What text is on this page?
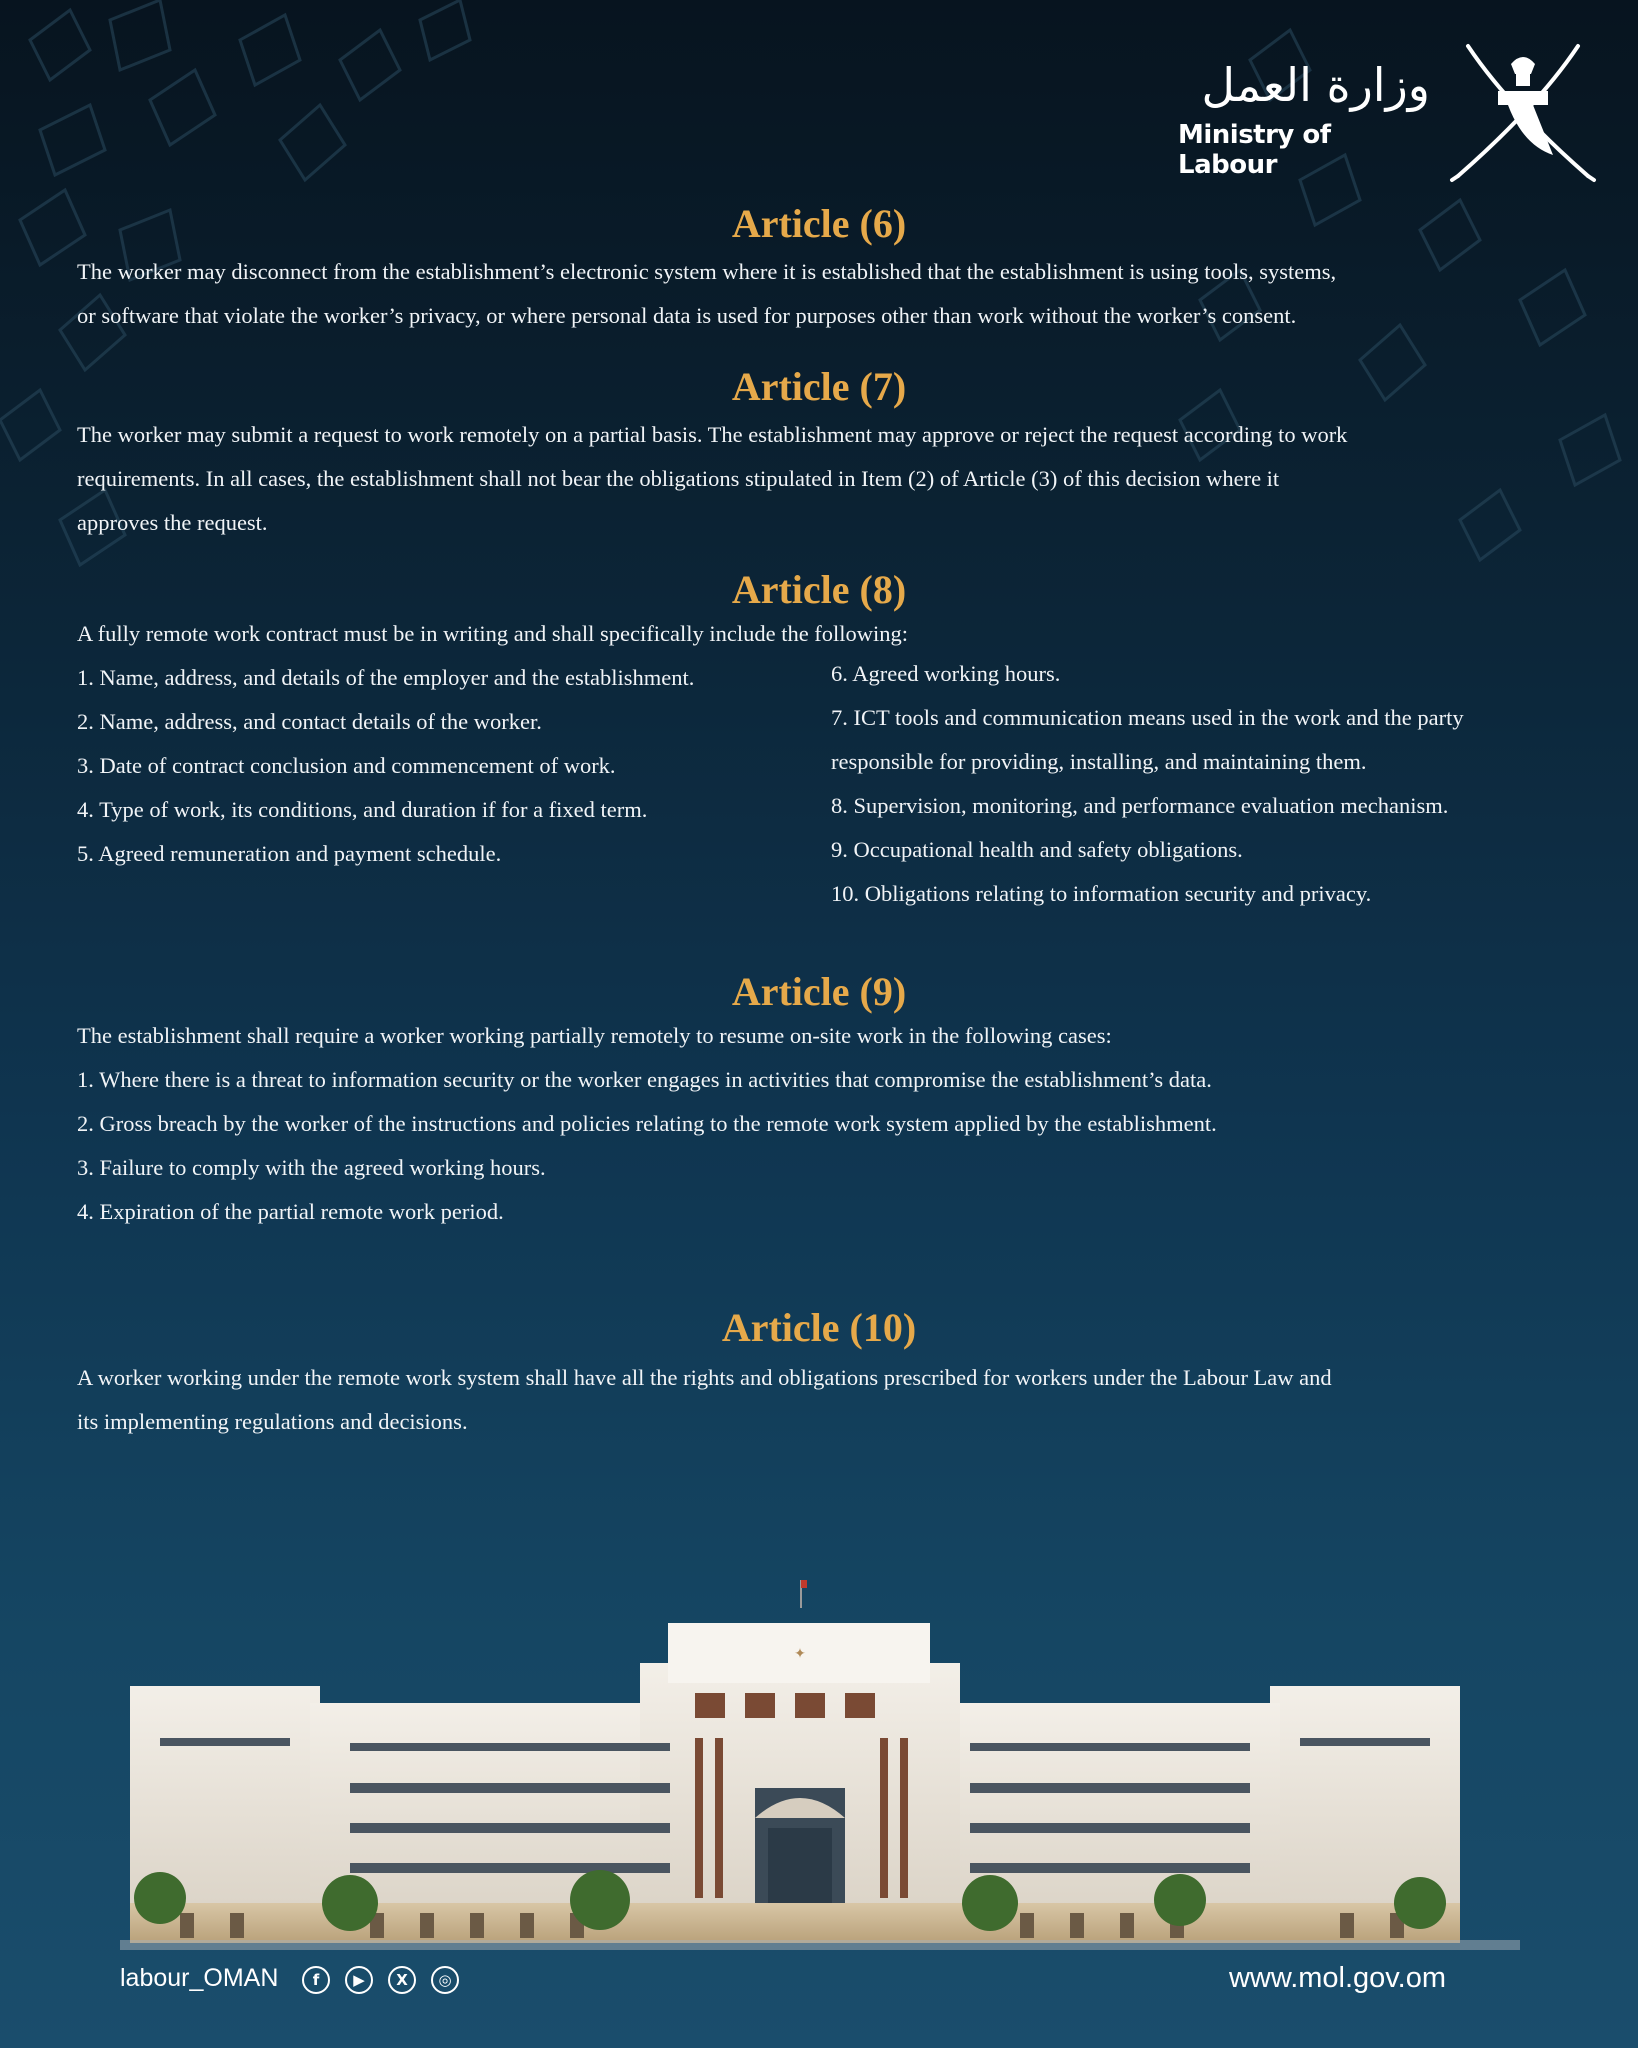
وزارة العمل
Ministry of Labour
Article (6)

The worker may disconnect from the establishment’s electronic system where it is established that the establishment is using tools, systems,

or software that violate the worker’s privacy, or where personal data is used for purposes other than work without the worker’s consent.

Article (7)

The worker may submit a request to work remotely on a partial basis. The establishment may approve or reject the request according to work

requirements. In all cases, the establishment shall not bear the obligations stipulated in Item (2) of Article (3) of this decision where it

approves the request.

Article (8)

A fully remote work contract must be in writing and shall specifically include the following:

1. Name, address, and details of the employer and the establishment.

2. Name, address, and contact details of the worker.

3. Date of contract conclusion and commencement of work.

4. Type of work, its conditions, and duration if for a fixed term.

5. Agreed remuneration and payment schedule.

6. Agreed working hours.

7. ICT tools and communication means used in the work and the party

responsible for providing, installing, and maintaining them.

8. Supervision, monitoring, and performance evaluation mechanism.

9. Occupational health and safety obligations.

10. Obligations relating to information security and privacy.

Article (9)

The establishment shall require a worker working partially remotely to resume on-site work in the following cases:

1. Where there is a threat to information security or the worker engages in activities that compromise the establishment’s data.

2. Gross breach by the worker of the instructions and policies relating to the remote work system applied by the establishment.

3. Failure to comply with the agreed working hours.

4. Expiration of the partial remote work period.

Article (10)

A worker working under the remote work system shall have all the rights and obligations prescribed for workers under the Labour Law and

its implementing regulations and decisions.

✦
labour_OMAN	f	▶	X	◎	www.mol.gov.om
